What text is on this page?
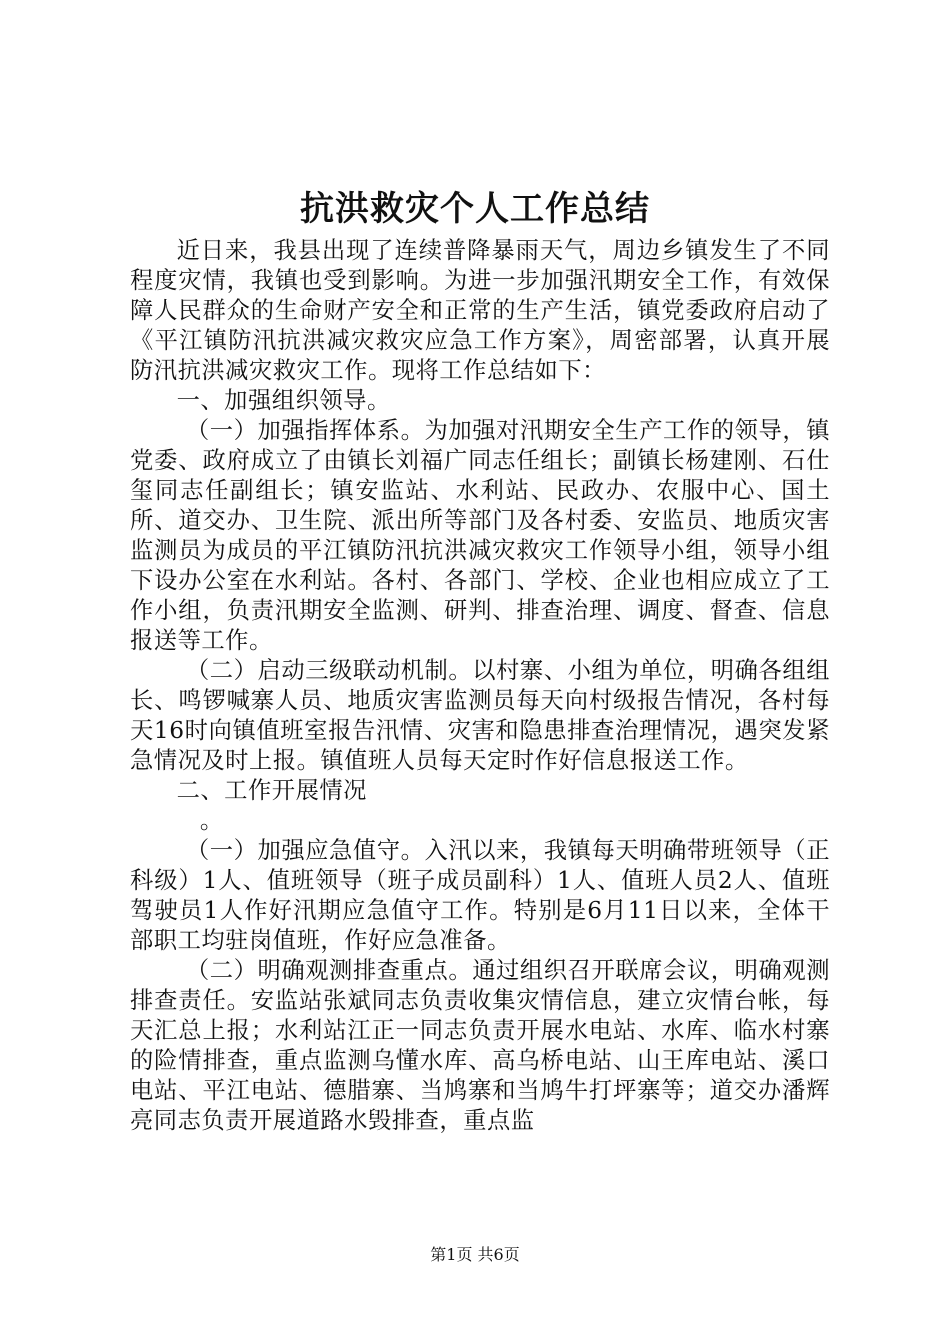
抗洪救灾个人工作总结

近日来，我县出现了连续普降暴雨天气，周边乡镇发生了不同程度灾情，我镇也受到影响。为进一步加强汛期安全工作，有效保障人民群众的生命财产安全和正常的生产生活，镇党委政府启动了《平江镇防汛抗洪减灾救灾应急工作方案》，周密部署，认真开展防汛抗洪减灾救灾工作。现将工作总结如下：

一、加强组织领导。

（一）加强指挥体系。为加强对汛期安全生产工作的领导，镇党委、政府成立了由镇长刘福广同志任组长；副镇长杨建刚、石仕玺同志任副组长；镇安监站、水利站、民政办、农服中心、国土所、道交办、卫生院、派出所等部门及各村委、安监员、地质灾害监测员为成员的平江镇防汛抗洪减灾救灾工作领导小组，领导小组下设办公室在水利站。各村、各部门、学校、企业也相应成立了工作小组，负责汛期安全监测、研判、排查治理、调度、督查、信息报送等工作。

（二）启动三级联动机制。以村寨、小组为单位，明确各组组长、鸣锣喊寨人员、地质灾害监测员每天向村级报告情况，各村每天16时向镇值班室报告汛情、灾害和隐患排查治理情况，遇突发紧急情况及时上报。镇值班人员每天定时作好信息报送工作。

二、工作开展情况

。

（一）加强应急值守。入汛以来，我镇每天明确带班领导（正科级）1人、值班领导（班子成员副科）1人、值班人员2人、值班驾驶员1人作好汛期应急值守工作。特别是6月11日以来，全体干部职工均驻岗值班，作好应急准备。

（二）明确观测排查重点。通过组织召开联席会议，明确观测排查责任。安监站张斌同志负责收集灾情信息，建立灾情台帐，每天汇总上报；水利站江正一同志负责开展水电站、水库、临水村寨的险情排查，重点监测乌懂水库、高乌桥电站、山王库电站、溪口电站、平江电站、德腊寨、当鸠寨和当鸠牛打坪寨等；道交办潘辉亮同志负责开展道路水毁排查，重点监

第1页 共6页
